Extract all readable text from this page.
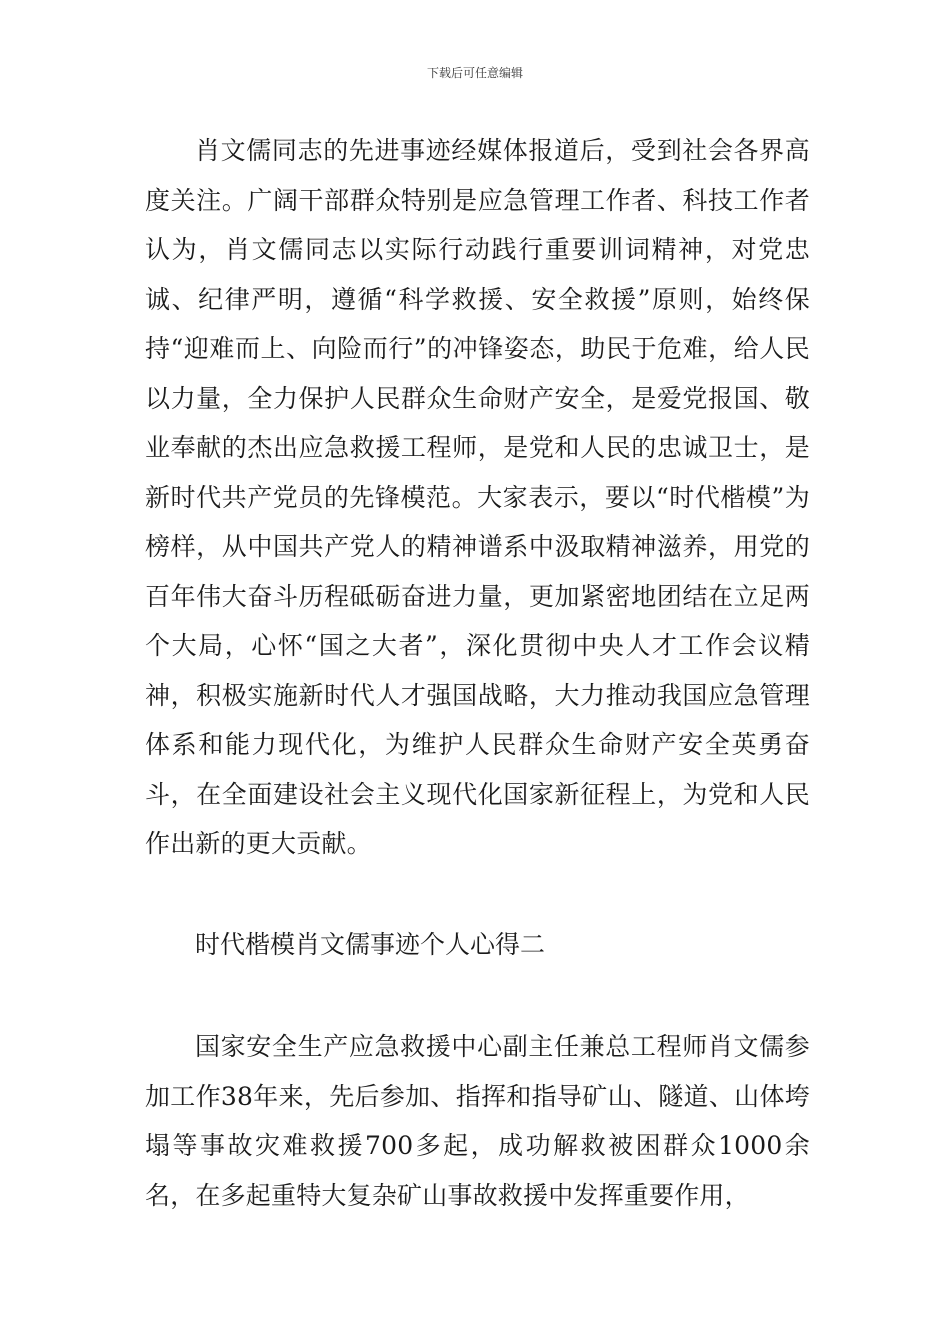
下载后可任意编辑

肖文儒同志的先进事迹经媒体报道后，受到社会各界高度关注。广阔干部群众特别是应急管理工作者、科技工作者认为，肖文儒同志以实际行动践行重要训词精神，对党忠诚、纪律严明，遵循“科学救援、安全救援”原则，始终保持“迎难而上、向险而行”的冲锋姿态，助民于危难，给人民以力量，全力保护人民群众生命财产安全，是爱党报国、敬业奉献的杰出应急救援工程师，是党和人民的忠诚卫士，是新时代共产党员的先锋模范。大家表示，要以“时代楷模”为榜样，从中国共产党人的精神谱系中汲取精神滋养，用党的百年伟大奋斗历程砥砺奋进力量，更加紧密地团结在立足两个大局，心怀“国之大者”，深化贯彻中央人才工作会议精神，积极实施新时代人才强国战略，大力推动我国应急管理体系和能力现代化，为维护人民群众生命财产安全英勇奋斗，在全面建设社会主义现代化国家新征程上，为党和人民作出新的更大贡献。

时代楷模肖文儒事迹个人心得二

国家安全生产应急救援中心副主任兼总工程师肖文儒参加工作38年来，先后参加、指挥和指导矿山、隧道、山体垮塌等事故灾难救援700多起，成功解救被困群众1000余名，在多起重特大复杂矿山事故救援中发挥重要作用，
